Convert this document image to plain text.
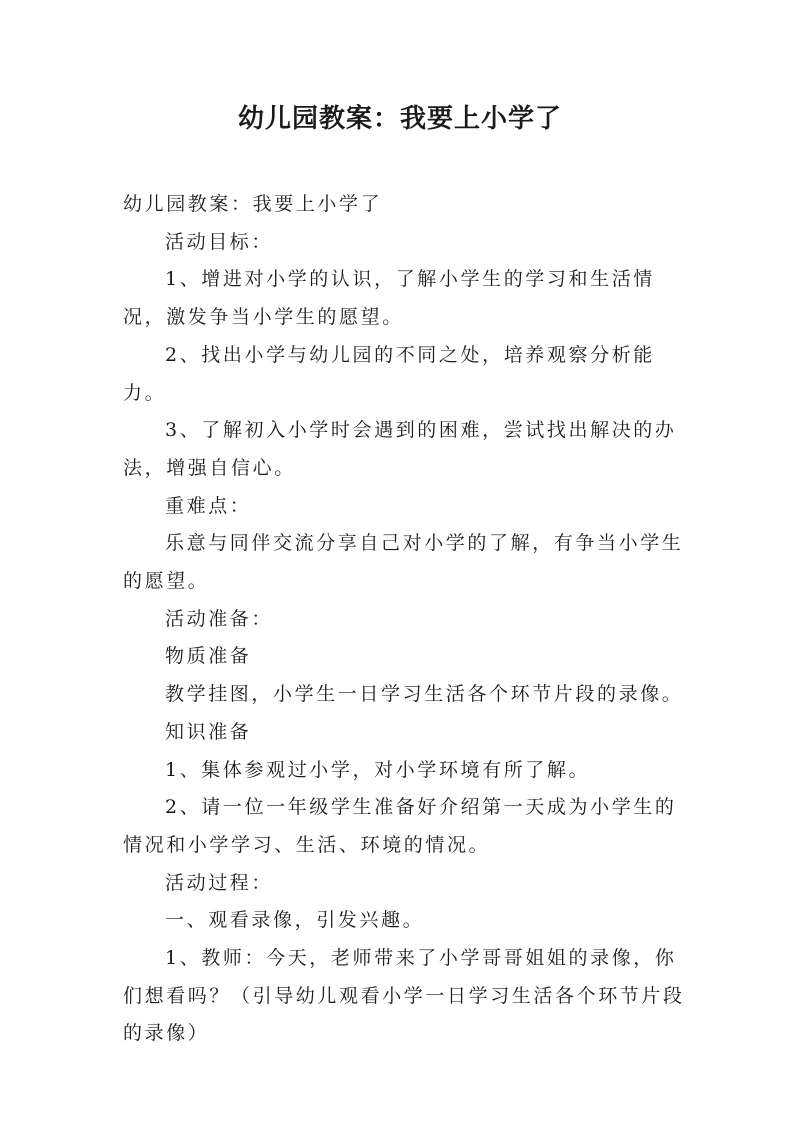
幼儿园教案：我要上小学了

幼儿园教案：我要上小学了

活动目标：

1、增进对小学的认识，了解小学生的学习和生活情况，激发争当小学生的愿望。

2、找出小学与幼儿园的不同之处，培养观察分析能力。

3、了解初入小学时会遇到的困难，尝试找出解决的办法，增强自信心。

重难点：

乐意与同伴交流分享自己对小学的了解，有争当小学生的愿望。

活动准备：

物质准备

教学挂图，小学生一日学习生活各个环节片段的录像。

知识准备

1、集体参观过小学，对小学环境有所了解。

2、请一位一年级学生准备好介绍第一天成为小学生的情况和小学学习、生活、环境的情况。

活动过程：

一、观看录像，引发兴趣。

1、教师：今天，老师带来了小学哥哥姐姐的录像，你们想看吗？（引导幼儿观看小学一日学习生活各个环节片段的录像）
